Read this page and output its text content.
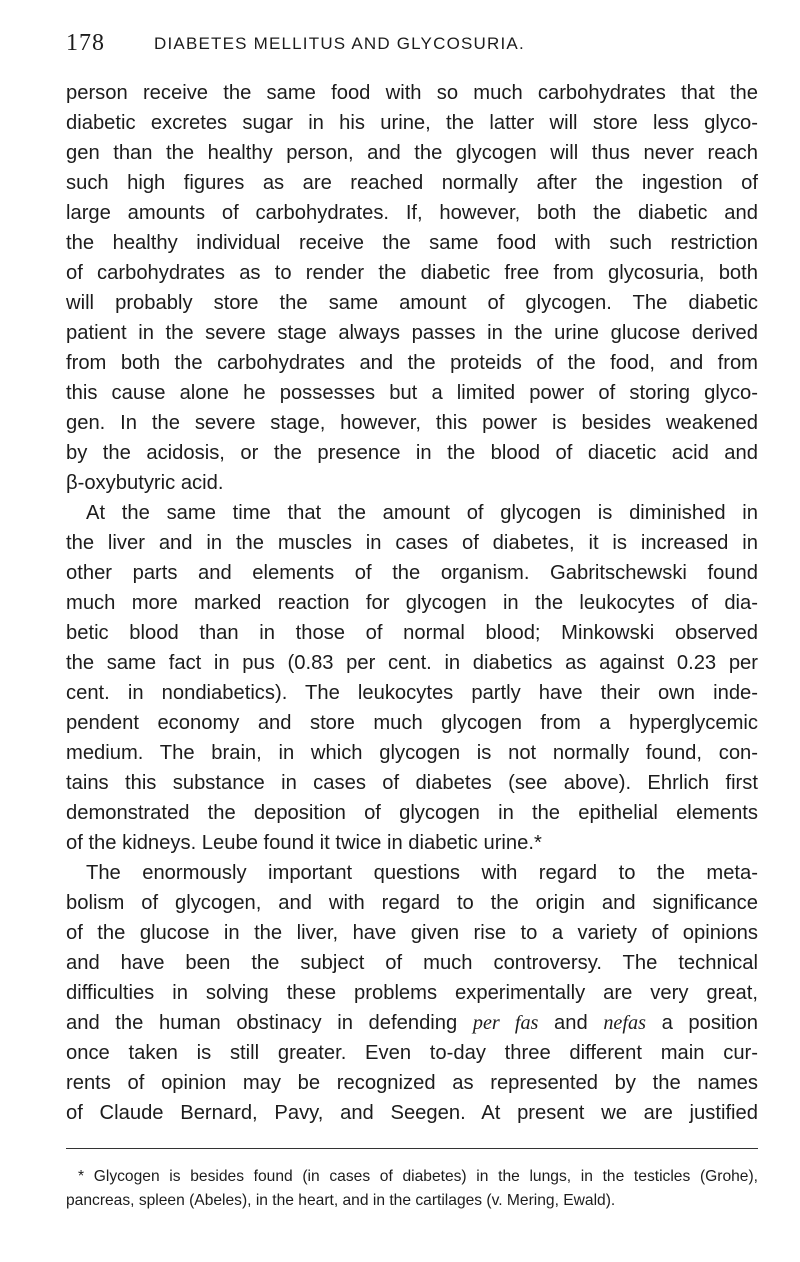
178	DIABETES MELLITUS AND GLYCOSURIA.

person receive the same food with so much carbohydrates that the
diabetic excretes sugar in his urine, the latter will store less glyco-
gen than the healthy person, and the glycogen will thus never reach
such high figures as are reached normally after the ingestion of
large amounts of carbohydrates. If, however, both the diabetic and
the healthy individual receive the same food with such restriction
of carbohydrates as to render the diabetic free from glycosuria, both
will probably store the same amount of glycogen. The diabetic
patient in the severe stage always passes in the urine glucose derived
from both the carbohydrates and the proteids of the food, and from
this cause alone he possesses but a limited power of storing glyco-
gen. In the severe stage, however, this power is besides weakened
by the acidosis, or the presence in the blood of diacetic acid and
β-oxybutyric acid.

At the same time that the amount of glycogen is diminished in
the liver and in the muscles in cases of diabetes, it is increased in
other parts and elements of the organism. Gabritschewski found
much more marked reaction for glycogen in the leukocytes of dia-
betic blood than in those of normal blood; Minkowski observed
the same fact in pus (0.83 per cent. in diabetics as against 0.23 per
cent. in nondiabetics). The leukocytes partly have their own inde-
pendent economy and store much glycogen from a hyperglycemic
medium. The brain, in which glycogen is not normally found, con-
tains this substance in cases of diabetes (see above). Ehrlich first
demonstrated the deposition of glycogen in the epithelial elements
of the kidneys. Leube found it twice in diabetic urine.*

The enormously important questions with regard to the meta-
bolism of glycogen, and with regard to the origin and significance
of the glucose in the liver, have given rise to a variety of opinions
and have been the subject of much controversy. The technical
difficulties in solving these problems experimentally are very great,
and the human obstinacy in defending per fas and nefas a position
once taken is still greater. Even to-day three different main cur-
rents of opinion may be recognized as represented by the names
of Claude Bernard, Pavy, and Seegen. At present we are justified

* Glycogen is besides found (in cases of diabetes) in the lungs, in the testicles (Grohe),
pancreas, spleen (Abeles), in the heart, and in the cartilages (v. Mering, Ewald).
